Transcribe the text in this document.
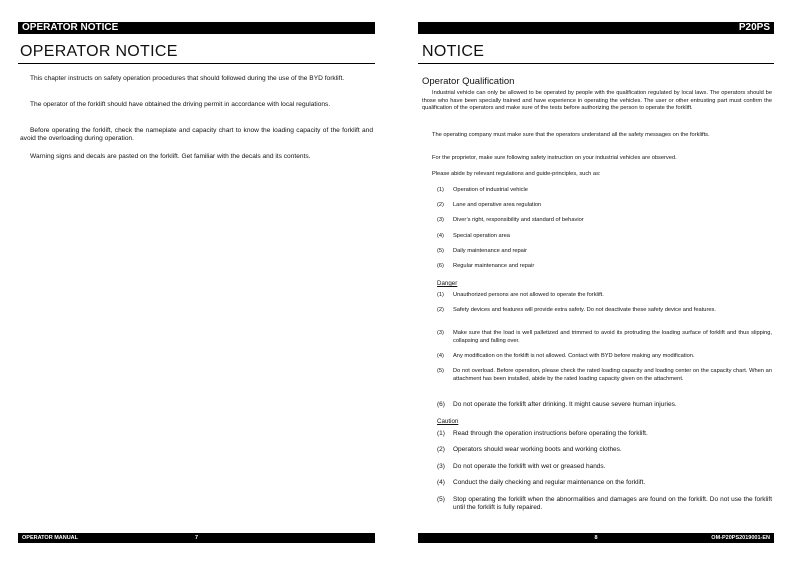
OPERATOR NOTICE
OPERATOR NOTICE

This chapter instructs on safety operation procedures that should followed during the use of the BYD forklift.

The operator of the forklift should have obtained the driving permit in accordance with local regulations.

Before operating the forklift, check the nameplate and capacity chart to know the loading capacity of the forklift and avoid the overloading during operation.

Warning signs and decals are pasted on the forklift. Get familiar with the decals and its contents.

OPERATOR MANUAL	7
P20PS
NOTICE
Operator Qualification

Industrial vehicle can only be allowed to be operated by people with the qualification regulated by local laws. The operators should be those who have been specially trained and have experience in operating the vehicles. The user or other entrusting part must confirm the qualification of the operators and make sure of the tests before authorizing the person to operate the forklift.

The operating company must make sure that the operators understand all the safety messages on the forklifts.

For the proprietor, make sure following safety instruction on your industrial vehicles are observed.

Please abide by relevant regulations and guide-principles, such as:

(1) Operation of industrial vehicle
(2) Lane and operative area regulation
(3) Diver’s right, responsibility and standard of behavior
(4) Special operation area
(5) Daily maintenance and repair
(6) Regular maintenance and repair
Danger
(1) Unauthorized persons are not allowed to operate the forklift.
(2) Safety devices and features will provide extra safety. Do not deactivate these safety device and features.
(3) Make sure that the load is well palletized and trimmed to avoid its protruding the loading surface of forklift and thus slipping, collapsing and falling over.
(4) Any modification on the forklift is not allowed. Contact with BYD before making any modification.
(5) Do not overload. Before operation, please check the rated loading capacity and loading center on the capacity chart. When an attachment has been installed, abide by the rated loading capacity given on the attachment.
(6) Do not operate the forklift after drinking. It might cause severe human injuries.
Caution
(1) Read through the operation instructions before operating the forklift.
(2) Operators should wear working boots and working clothes.
(3) Do not operate the forklift with wet or greased hands.
(4) Conduct the daily checking and regular maintenance on the forklift.
(5) Stop operating the forklift when the abnormalities and damages are found on the forklift. Do not use the forklift until the forklift is fully repaired.
8	OM-P20PS2019001-EN
